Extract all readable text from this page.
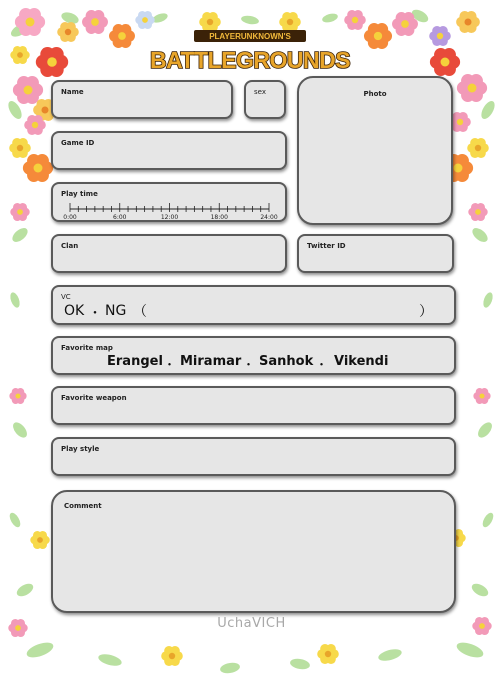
PLAYERUNKNOWN'S
BATTLEGROUNDS
Name	sex	Photo
Game ID
Play time
0:00	6:00	12:00	18:00	24:00
Clan	Twitter ID
VC
OK ・ NG （	）
Favorite map
Erangel ・ Miramar ・ Sanhok ・ Vikendi
Favorite weapon
Play style
Comment
UchaVICH
